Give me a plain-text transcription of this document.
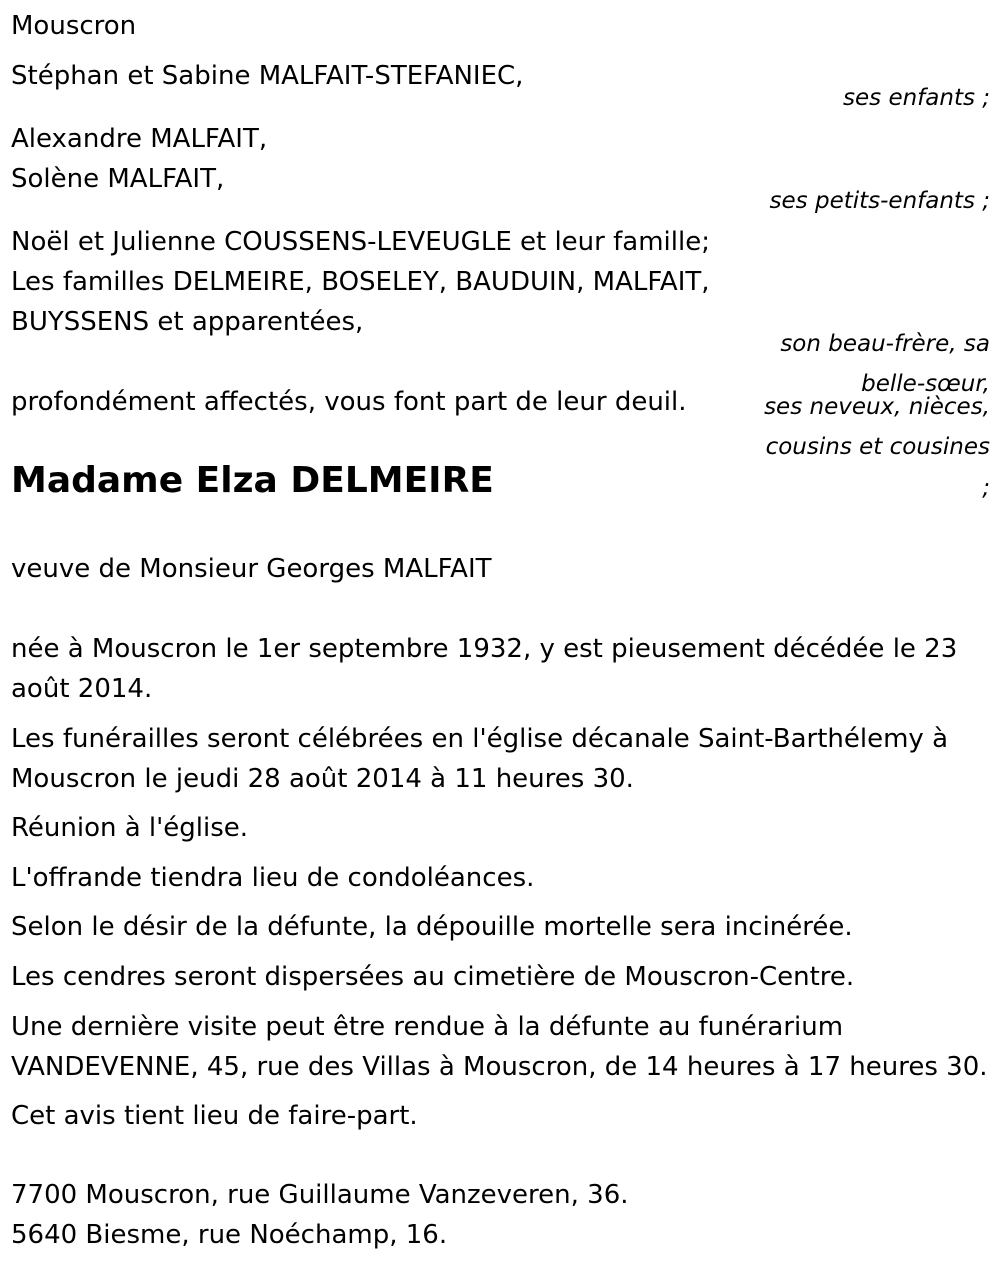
Mouscron
Stéphan et Sabine MALFAIT-STEFANIEC,
ses enfants ;
Alexandre MALFAIT,
Solène MALFAIT,
ses petits-enfants ;
Noël et Julienne COUSSENS-LEVEUGLE et leur famille;
Les familles DELMEIRE, BOSELEY, BAUDUIN, MALFAIT,
BUYSSENS et apparentées,
son beau-frère, sa
belle-sœur,
ses neveux, nièces,
cousins et cousines
;
profondément affectés, vous font part de leur deuil.
Madame Elza DELMEIRE
veuve de Monsieur Georges MALFAIT
née à Mouscron le 1er septembre 1932, y est pieusement décédée le 23
août 2014.
Les funérailles seront célébrées en l'église décanale Saint-Barthélemy à
Mouscron le jeudi 28 août 2014 à 11 heures 30.
Réunion à l'église.
L'offrande tiendra lieu de condoléances.
Selon le désir de la défunte, la dépouille mortelle sera incinérée.
Les cendres seront dispersées au cimetière de Mouscron-Centre.
Une dernière visite peut être rendue à la défunte au funérarium
VANDEVENNE, 45, rue des Villas à Mouscron, de 14 heures à 17 heures 30.
Cet avis tient lieu de faire-part.
7700 Mouscron, rue Guillaume Vanzeveren, 36.
5640 Biesme, rue Noéchamp, 16.
